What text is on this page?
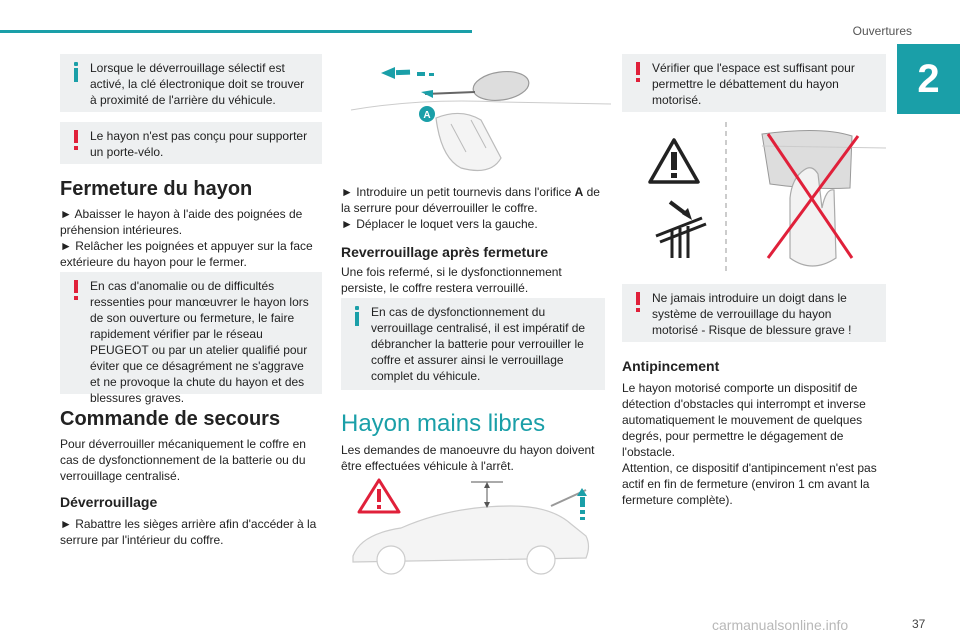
Ouvertures
2
Lorsque le déverrouillage sélectif est activé, la clé électronique doit se trouver à proximité de l'arrière du véhicule.
Le hayon n'est pas conçu pour supporter un porte-vélo.
Fermeture du hayon
► Abaisser le hayon à l'aide des poignées de préhension intérieures.
► Relâcher les poignées et appuyer sur la face extérieure du hayon pour le fermer.
En cas d'anomalie ou de difficultés ressenties pour manœuvrer le hayon lors de son ouverture ou fermeture, le faire rapidement vérifier par le réseau PEUGEOT ou par un atelier qualifié pour éviter que ce désagrément ne s'aggrave et ne provoque la chute du hayon et des blessures graves.
Commande de secours
Pour déverrouiller mécaniquement le coffre en cas de dysfonctionnement de la batterie ou du verrouillage centralisé.
Déverrouillage
► Rabattre les sièges arrière afin d'accéder à la serrure par l'intérieur du coffre.
A
► Introduire un petit tournevis dans l'orifice A de la serrure pour déverrouiller le coffre.
► Déplacer le loquet vers la gauche.
Reverrouillage après fermeture
Une fois refermé, si le dysfonctionnement persiste, le coffre restera verrouillé.
En cas de dysfonctionnement du verrouillage centralisé, il est impératif de débrancher la batterie pour verrouiller le coffre et assurer ainsi le verrouillage complet du véhicule.
Hayon mains libres
Les demandes de manoeuvre du hayon doivent être effectuées véhicule à l'arrêt.
Vérifier que l'espace est suffisant pour permettre le débattement du hayon motorisé.
Ne jamais introduire un doigt dans le système de verrouillage du hayon motorisé - Risque de blessure grave !
Antipincement
Le hayon motorisé comporte un dispositif de détection d'obstacles qui interrompt et inverse automatiquement le mouvement de quelques degrés, pour permettre le dégagement de l'obstacle.
Attention, ce dispositif d'antipincement n'est pas actif en fin de fermeture (environ 1 cm avant la fermeture complète).
37
carmanualsonline.info
